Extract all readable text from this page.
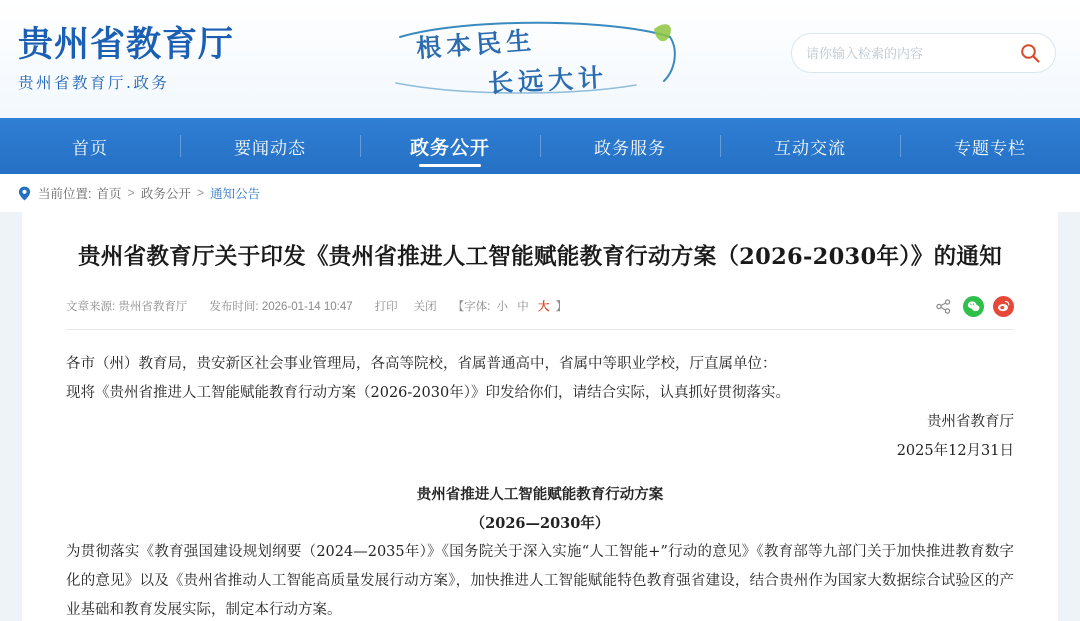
贵州省教育厅
贵州省教育厅.政务
根本民生
长远大计
请你输入检索的内容
首页	要闻动态	政务公开	政务服务	互动交流	专题专栏
当前位置: 首页 > 政务公开 > 通知公告
贵州省教育厅关于印发《贵州省推进人工智能赋能教育行动方案（2026-2030年）》的通知
文章来源: 贵州省教育厅 发布时间: 2026-01-14 10:47 打印 关闭 【字体: 小 中 大 】

各市（州）教育局，贵安新区社会事业管理局，各高等院校，省属普通高中，省属中等职业学校，厅直属单位：

现将《贵州省推进人工智能赋能教育行动方案（2026-2030年）》印发给你们，请结合实际，认真抓好贯彻落实。

贵州省教育厅

2025年12月31日

贵州省推进人工智能赋能教育行动方案

（2026—2030年）

为贯彻落实《教育强国建设规划纲要（2024—2035年）》《国务院关于深入实施“人工智能+”行动的意见》《教育部等九部门关于加快推进教育数字化的意见》以及《贵州省推动人工智能高质量发展行动方案》，加快推进人工智能赋能特色教育强省建设，结合贵州作为国家大数据综合试验区的产业基础和教育发展实际，制定本行动方案。
